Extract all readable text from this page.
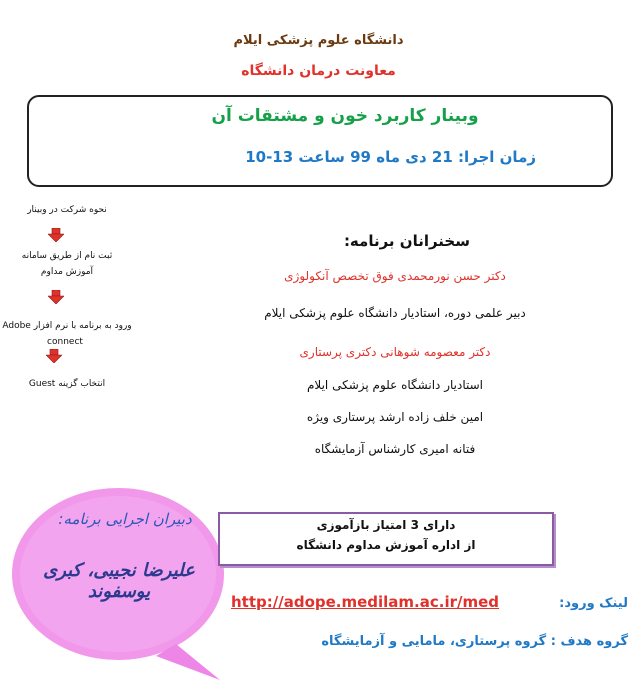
دانشگاه علوم پزشکی ایلام
معاونت درمان دانشگاه
وبینار کاربرد خون و مشتقات آن
زمان اجرا: 21 دی ماه 99 ساعت 13-10
نحوه شرکت در وبینار
ثبت نام از طریق سامانه
آموزش مداوم
ورود به برنامه با نرم افزار Adobe
connect
انتخاب گزینه Guest
سخنرانان برنامه:
دکتر حسن نورمحمدی فوق تخصص آنکولوژی
دبیر علمی دوره، استادیار دانشگاه علوم پزشکی ایلام
دکتر معصومه شوهانی دکتری پرستاری
استادیار دانشگاه علوم پزشکی ایلام
امین خلف زاده ارشد پرستاری ویژه
فتانه امیری کارشناس آزمایشگاه
دبیران اجرایی برنامه:
علیرضا نجیبی، کبری یوسفوند
دارای 3 امتیاز بازآموزی
از اداره آموزش مداوم دانشگاه
لینک ورود:
http://adope.medilam.ac.ir/med
گروه هدف : گروه پرستاری، مامایی و آزمایشگاه
